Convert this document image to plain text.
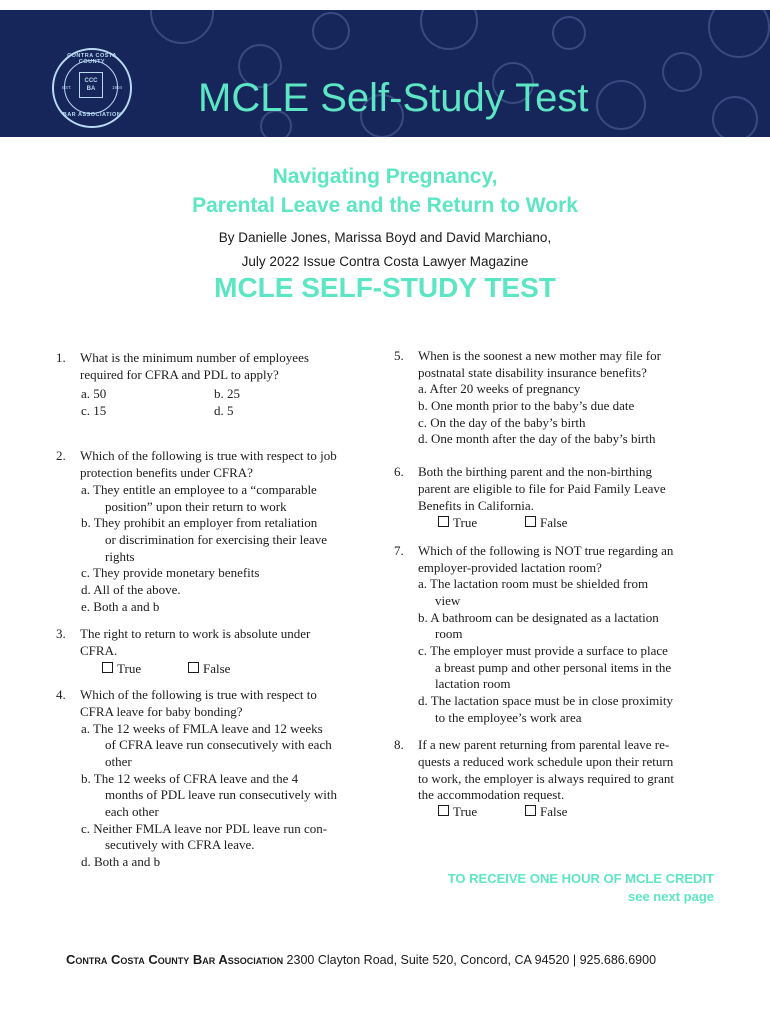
CONTRA COSTA COUNTY
EST.	1904
CCC
BA
BAR ASSOCIATION MCLE Self-Study Test
Navigating Pregnancy,
Parental Leave and the Return to Work
By Danielle Jones, Marissa Boyd and David Marchiano,
July 2022 Issue Contra Costa Lawyer Magazine
MCLE SELF-STUDY TEST
1. What is the minimum number of employees
required for CFRA and PDL to apply?
a. 50	b. 25
c. 15	d. 5
2. Which of the following is true with respect to job
protection benefits under CFRA?
a. They entitle an employee to a “comparable
position” upon their return to work
b. They prohibit an employer from retaliation
or discrimination for exercising their leave
rights
c. They provide monetary benefits
d. All of the above.
e. Both a and b
3. The right to return to work is absolute under
CFRA.
True	False
4. Which of the following is true with respect to
CFRA leave for baby bonding?
a. The 12 weeks of FMLA leave and 12 weeks
of CFRA leave run consecutively with each
other
b. The 12 weeks of CFRA leave and the 4
months of PDL leave run consecutively with
each other
c. Neither FMLA leave nor PDL leave run con-
secutively with CFRA leave.
d. Both a and b
5. When is the soonest a new mother may file for
postnatal state disability insurance benefits?
a. After 20 weeks of pregnancy
b. One month prior to the baby’s due date
c. On the day of the baby’s birth
d. One month after the day of the baby’s birth
6. Both the birthing parent and the non-birthing
parent are eligible to file for Paid Family Leave
Benefits in California.
True	False
7. Which of the following is NOT true regarding an
employer-provided lactation room?
a. The lactation room must be shielded from
view
b. A bathroom can be designated as a lactation
room
c. The employer must provide a surface to place
a breast pump and other personal items in the
lactation room
d. The lactation space must be in close proximity
to the employee’s work area
8. If a new parent returning from parental leave re-
quests a reduced work schedule upon their return
to work, the employer is always required to grant
the accommodation request.
True	False
TO RECEIVE ONE HOUR OF MCLE CREDIT
see next page
Contra Costa County Bar Association 2300 Clayton Road, Suite 520, Concord, CA 94520 | 925.686.6900
